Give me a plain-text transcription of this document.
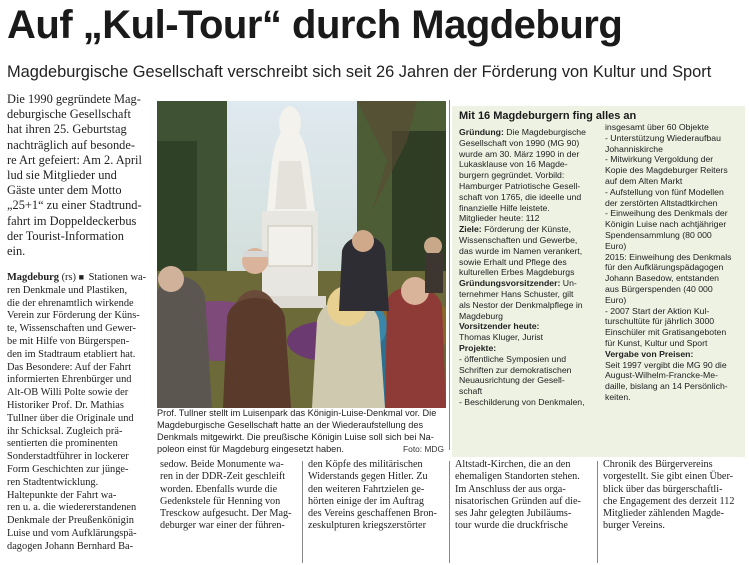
Auf „Kul-Tour“ durch Magdeburg
Magdeburgische Gesellschaft verschreibt sich seit 26 Jahren der Förderung von Kultur und Sport

Die 1990 gegründete Mag-

deburgische Gesellschaft

hat ihren 25. Geburtstag

nachträglich auf besonde-

re Art gefeiert: Am 2. April

lud sie Mitglieder und

Gäste unter dem Motto

„25+1“ zu einer Stadtrund-

fahrt im Doppeldeckerbus

der Tourist-Information

ein.

Magdeburg (rs) ■ Stationen wa-

ren Denkmale und Plastiken,

die der ehrenamtlich wirkende

Verein zur Förderung der Küns-

te, Wissenschaften und Gewer-

be mit Hilfe von Bürgerspen-

den im Stadtraum etabliert hat.

Das Besondere: Auf der Fahrt

informierten Ehrenbürger und

Alt-OB Willi Polte sowie der

Historiker Prof. Dr. Mathias

Tullner über die Originale und

ihr Schicksal. Zugleich prä-

sentierten die prominenten

Sonderstadtführer in lockerer

Form Geschichten zur jünge-

ren Stadtentwicklung.

Haltepunkte der Fahrt wa-

ren u. a. die wiedererstandenen

Denkmale der Preußenkönigin

Luise und vom Aufklärungspä-

dagogen Johann Bernhard Ba-

Foto: MDG

Prof. Tullner stellt im Luisenpark das Königin-Luise-Denkmal vor. Die

Magdeburgische Gesellschaft hatte an der Wiederaufstellung des

Denkmals mitgewirkt. Die preußische Königin Luise soll sich bei Na-

poleon einst für Magdeburg eingesetzt haben.

Mit 16 Magdeburgern fing alles an

Gründung: Die Magdeburgische

Gesellschaft von 1990 (MG 90)

wurde am 30. März 1990 in der

Lukasklause von 16 Magde-

burgern gegründet. Vorbild:

Hamburger Patriotische Gesell-

schaft von 1765, die ideelle und

finanzielle Hilfe leistete.

Mitglieder heute: 112

Ziele: Förderung der Künste,

Wissenschaften und Gewerbe,

das wurde im Namen verankert,

sowie Erhalt und Pflege des

kulturellen Erbes Magdeburgs

Gründungsvorsitzender: Un-

ternehmer Hans Schuster, gilt

als Nestor der Denkmalpflege in

Magdeburg

Vorsitzender heute:

Thomas Kluger, Jurist

Projekte:

- öffentliche Symposien und

Schriften zur demokratischen

Neuausrichtung der Gesell-

schaft

- Beschilderung von Denkmalen,

insgesamt über 60 Objekte

- Unterstützung Wiederaufbau

Johanniskirche

- Mitwirkung Vergoldung der

Kopie des Magdeburger Reiters

auf dem Alten Markt

- Aufstellung von fünf Modellen

der zerstörten Altstadtkirchen

- Einweihung des Denkmals der

Königin Luise nach achtjähriger

Spendensammlung (80 000

Euro)

2015: Einweihung des Denkmals

für den Aufklärungspädagogen

Johann Basedow, entstanden

aus Bürgerspenden (40 000

Euro)

- 2007 Start der Aktion Kul-

turschultüte für jährlich 3000

Einschüler mit Gratisangeboten

für Kunst, Kultur und Sport

Vergabe von Preisen:

Seit 1997 vergibt die MG 90 die

August-Wilhelm-Francke-Me-

daille, bislang an 14 Persönlich-

keiten.

sedow. Beide Monumente wa-

ren in der DDR-Zeit geschleift

worden. Ebenfalls wurde die

Gedenkstele für Henning von

Tresckow aufgesucht. Der Mag-

deburger war einer der führen-

den Köpfe des militärischen

Widerstands gegen Hitler. Zu

den weiteren Fahrtzielen ge-

hörten einige der im Auftrag

des Vereins geschaffenen Bron-

zeskulpturen kriegszerstörter

Altstadt-Kirchen, die an den

ehemaligen Standorten stehen.

Im Anschluss der aus orga-

nisatorischen Gründen auf die-

ses Jahr gelegten Jubiläums-

tour wurde die druckfrische

Chronik des Bürgervereins

vorgestellt. Sie gibt einen Über-

blick über das bürgerschaftli-

che Engagement des derzeit 112

Mitglieder zählenden Magde-

burger Vereins.
